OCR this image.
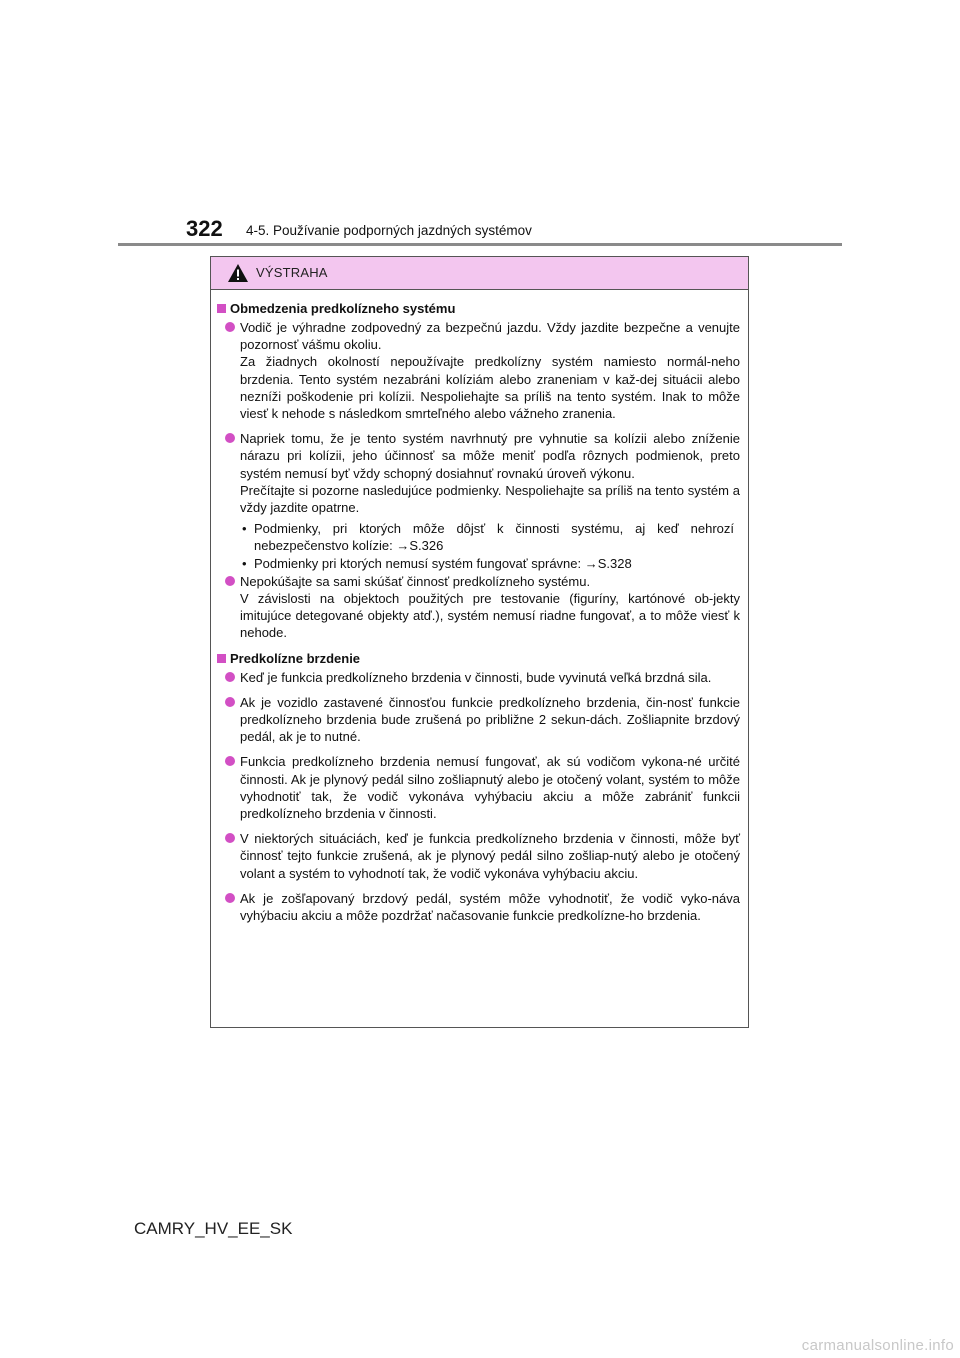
322 4-5. Používanie podporných jazdných systémov
VÝSTRAHA
Obmedzenia predkolízneho systému
Vodič je výhradne zodpovedný za bezpečnú jazdu. Vždy jazdite bezpečne a venujte pozornosť vášmu okoliu.
Za žiadnych okolností nepoužívajte predkolízny systém namiesto normál-neho brzdenia. Tento systém nezabráni kolíziám alebo zraneniam v kaž-dej situácii alebo nezníži poškodenie pri kolízii. Nespoliehajte sa príliš na tento systém. Inak to môže viesť k nehode s následkom smrteľného alebo vážneho zranenia.
Napriek tomu, že je tento systém navrhnutý pre vyhnutie sa kolízii alebo zníženie nárazu pri kolízii, jeho účinnosť sa môže meniť podľa rôznych podmienok, preto systém nemusí byť vždy schopný dosiahnuť rovnakú úroveň výkonu.
Prečítajte si pozorne nasledujúce podmienky. Nespoliehajte sa príliš na tento systém a vždy jazdite opatrne.
• Podmienky, pri ktorých môže dôjsť k činnosti systému, aj keď nehrozí nebezpečenstvo kolízie: →S.326
• Podmienky pri ktorých nemusí systém fungovať správne: →S.328
Nepokúšajte sa sami skúšať činnosť predkolízneho systému.
V závislosti na objektoch použitých pre testovanie (figuríny, kartónové ob-jekty imitujúce detegované objekty atď.), systém nemusí riadne fungovať, a to môže viesť k nehode.
Predkolízne brzdenie
Keď je funkcia predkolízneho brzdenia v činnosti, bude vyvinutá veľká brzdná sila.
Ak je vozidlo zastavené činnosťou funkcie predkolízneho brzdenia, čin-nosť funkcie predkolízneho brzdenia bude zrušená po približne 2 sekun-dách. Zošliapnite brzdový pedál, ak je to nutné.
Funkcia predkolízneho brzdenia nemusí fungovať, ak sú vodičom vykona-né určité činnosti. Ak je plynový pedál silno zošliapnutý alebo je otočený volant, systém to môže vyhodnotiť tak, že vodič vykonáva vyhýbaciu akciu a môže zabrániť funkcii predkolízneho brzdenia v činnosti.
V niektorých situáciách, keď je funkcia predkolízneho brzdenia v činnosti, môže byť činnosť tejto funkcie zrušená, ak je plynový pedál silno zošliap-nutý alebo je otočený volant a systém to vyhodnotí tak, že vodič vykonáva vyhýbaciu akciu.
Ak je zošľapovaný brzdový pedál, systém môže vyhodnotiť, že vodič vyko-náva vyhýbaciu akciu a môže pozdržať načasovanie funkcie predkolízne-ho brzdenia.
CAMRY_HV_EE_SK
carmanualsonline.info
